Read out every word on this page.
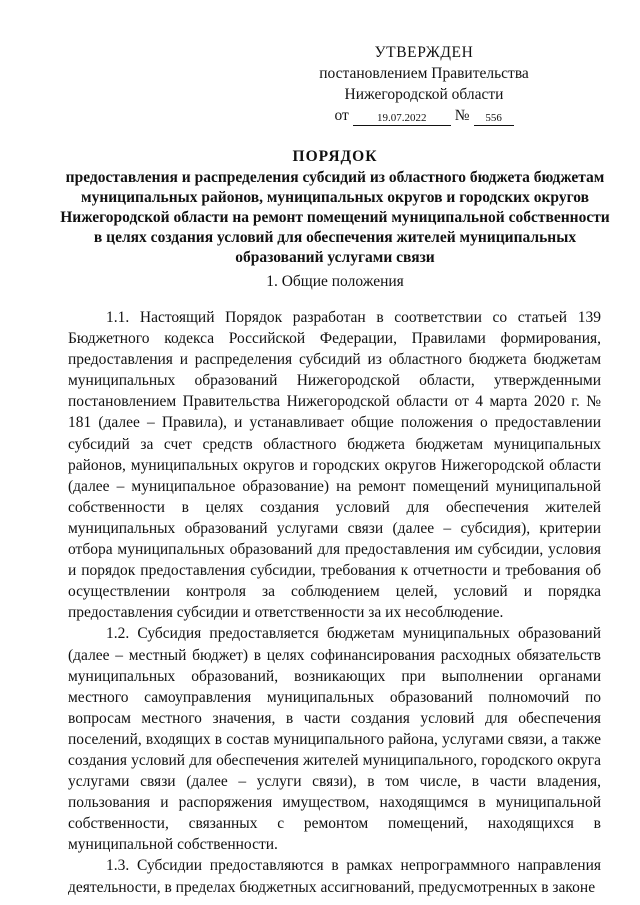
УТВЕРЖДЕН
постановлением Правительства
Нижегородской области
от	19.07.2022	№	556
ПОРЯДОК
предоставления и распределения субсидий из областного бюджета бюджетам муниципальных районов, муниципальных округов и городских округов Нижегородской области на ремонт помещений муниципальной собственности в целях создания условий для обеспечения жителей муниципальных образований услугами связи
1. Общие положения

1.1. Настоящий Порядок разработан в соответствии со статьей 139 Бюджетного кодекса Российской Федерации, Правилами формирования, предоставления и распределения субсидий из областного бюджета бюджетам муниципальных образований Нижегородской области, утвержденными постановлением Правительства Нижегородской области от 4 марта 2020 г. № 181 (далее – Правила), и устанавливает общие положения о предоставлении субсидий за счет средств областного бюджета бюджетам муниципальных районов, муниципальных округов и городских округов Нижегородской области (далее – муниципальное образование) на ремонт помещений муниципальной собственности в целях создания условий для обеспечения жителей муниципальных образований услугами связи (далее – субсидия), критерии отбора муниципальных образований для предоставления им субсидии, условия и порядок предоставления субсидии, требования к отчетности и требования об осуществлении контроля за соблюдением целей, условий и порядка предоставления субсидии и ответственности за их несоблюдение.

1.2. Субсидия предоставляется бюджетам муниципальных образований (далее – местный бюджет) в целях софинансирования расходных обязательств муниципальных образований, возникающих при выполнении органами местного самоуправления муниципальных образований полномочий по вопросам местного значения, в части создания условий для обеспечения поселений, входящих в состав муниципального района, услугами связи, а также создания условий для обеспечения жителей муниципального, городского округа услугами связи (далее – услуги связи), в том числе, в части владения, пользования и распоряжения имуществом, находящимся в муниципальной собственности, связанных с ремонтом помещений, находящихся в муниципальной собственности.

1.3. Субсидии предоставляются в рамках непрограммного направления деятельности, в пределах бюджетных ассигнований, предусмотренных в законе
